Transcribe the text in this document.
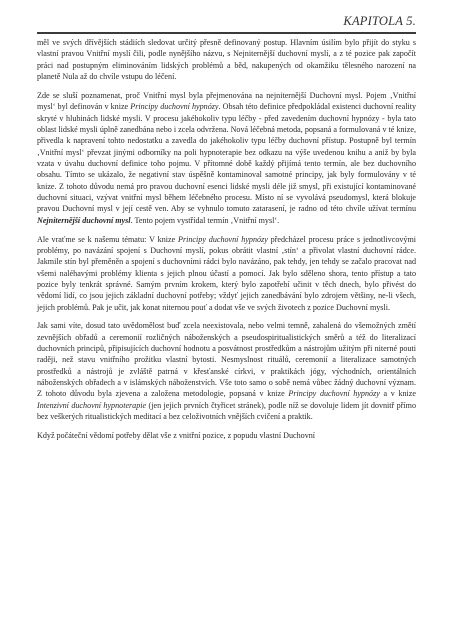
KAPITOLA 5.

měl ve svých dřívějších stádiích sledovat určitý přesně definovaný postup. Hlavním úsilím bylo přijít do styku s vlastní pravou Vnitřní myslí čili, podle nynějšího názvu, s Nejniternější duchovní myslí, a z té pozice pak započít práci nad postupným eliminováním lidských problémů a běd, nakupených od okamžiku tělesného narození na planetě Nula až do chvíle vstupu do léčení.

Zde se sluší poznamenat, proč Vnitřní mysl byla přejmenována na nejniternější Duchovní mysl. Pojem ‚Vnitřní mysl‘ byl definován v knize Principy duchovní hypnózy. Obsah této definice předpokládal existenci duchovní reality skryté v hlubinách lidské mysli. V procesu jakéhokoliv typu léčby - před zavedením duchovní hypnózy - byla tato oblast lidské mysli úplně zanedbána nebo i zcela odvržena. Nová léčebná metoda, popsaná a formulovaná v té knize, přivedla k napravení tohto nedostatku a zavedla do jakéhokoliv typu léčby duchovní přístup. Postupně byl termín ‚Vnitřní mysl‘ převzat jinými odborníky na poli hypnoterapie bez odkazu na výše uvedenou knihu a aniž by byla vzata v úvahu duchovní definice toho pojmu. V přítomné době každý přijímá tento termín, ale bez duchovního obsahu. Tímto se ukázalo, že negativní stav úspěšně kontaminoval samotné principy, jak byly formulovány v té knize. Z tohoto důvodu nemá pro pravou duchovní esenci lidské mysli déle již smysl, při existující kontaminované duchovní situaci, vzývat vnitřní mysl během léčebného procesu. Místo ní se vyvolává pseudomysl, která blokuje pravou Duchovní mysl v její cestě ven. Aby se vyhnulo tomuto zatarasení, je radno od této chvíle užívat termínu Nejniternější duchovní mysl. Tento pojem vystřídal termín ‚Vnitřní mysl‘.

Ale vraťme se k našemu tématu: V knize Principy duchovní hypnózy předcházel procesu práce s jednotlivcovými problémy, po navázání spojení s Duchovní myslí, pokus obrátit vlastní ‚stín‘ a přivolat vlastní duchovní rádce. Jakmile stín byl přeměněn a spojení s duchovními rádci bylo navázáno, pak tehdy, jen tehdy se začalo pracovat nad všemi naléhavými problémy klienta s jejich plnou účastí a pomocí. Jak bylo sděleno shora, tento přístup a tato pozice byly tenkrát správné. Samým prvním krokem, který bylo zapotřebí učinit v těch dnech, bylo přivést do vědomí lidí, co jsou jejich základní duchovní potřeby; vždyť jejich zanedbávání bylo zdrojem většiny, ne-li všech, jejich problémů. Pak je učit, jak konat niternou pouť a dodat vše ve svých životech z pozice Duchovní mysli.

Jak sami víte, dosud tato uvědomělost buď zcela neexistovala, nebo velmi temně, zahalená do všemožných změtí zevnějších obřadů a ceremonií rozličných náboženských a pseudospiritualistických směrů a též do literalizací duchovních principů, připisujících duchovní hodnotu a posvátnost prostředkům a nástrojům užitým při niterné pouti raději, než stavu vnitřního prožitku vlastní bytosti. Nesmyslnost rituálů, ceremonií a literalizace samotných prostředků a nástrojů je zvláště patrná v křesťanské církvi, v praktikách jógy, východních, orientálních náboženských obřadech a v islámských náboženstvích. Vše toto samo o sobě nemá vůbec žádný duchovní význam. Z tohoto důvodu byla zjevena a založena metodologie, popsaná v knize Principy duchovní hypnózy a v knize Intenzivní duchovní hypnoterapie (jen jejich prvních čtyřicet stránek), podle níž se dovoluje lidem jít dovnitř přímo bez veškerých ritualistických meditací a bez celoživotních vnějších cvičení a praktik.

Když počáteční vědomí potřeby dělat vše z vnitřní pozice, z popudu vlastní Duchovní
